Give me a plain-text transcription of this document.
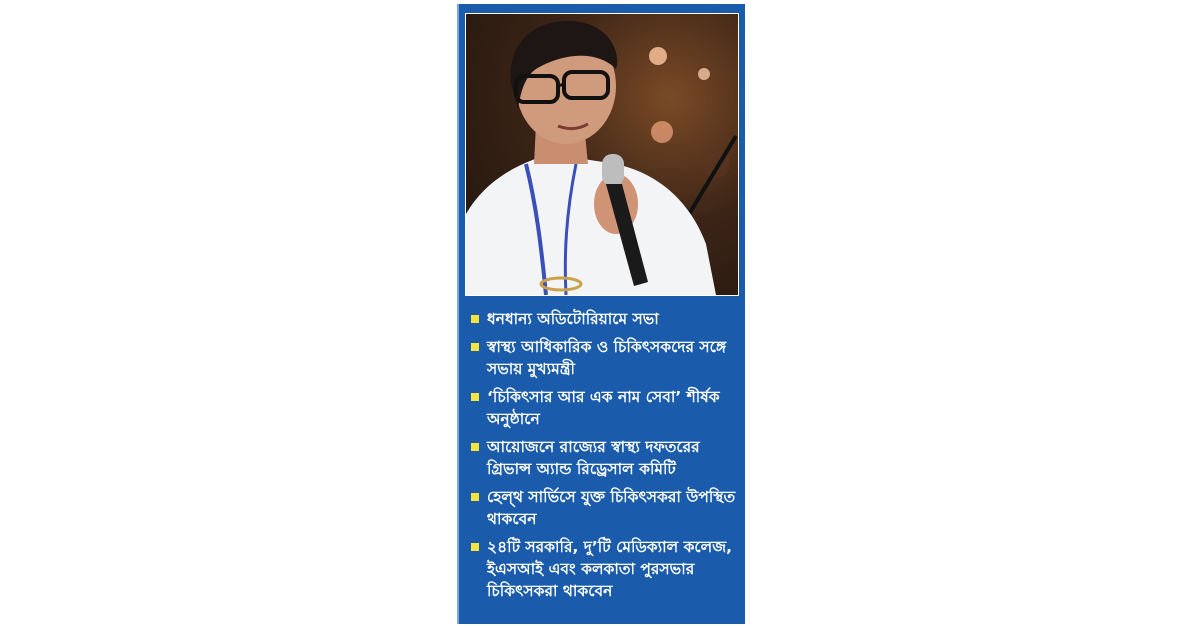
ধনধান্য অডিটোরিয়ামে সভা
স্বাস্থ্য আধিকারিক ও চিকিৎসকদের সঙ্গে সভায় মুখ্যমন্ত্রী
‘চিকিৎসার আর এক নাম সেবা’ শীর্ষক অনুষ্ঠানে
আয়োজনে রাজ্যের স্বাস্থ্য দফতরের গ্রিভান্স অ্যান্ড রিড্রেসাল কমিটি
হেল্থ সার্ভিসে যুক্ত চিকিৎসকরা উপস্থিত থাকবেন
২৪টি সরকারি, দু’টি মেডিক্যাল কলেজ, ইএসআই এবং কলকাতা পুরসভার চিকিৎসকরা থাকবেন
